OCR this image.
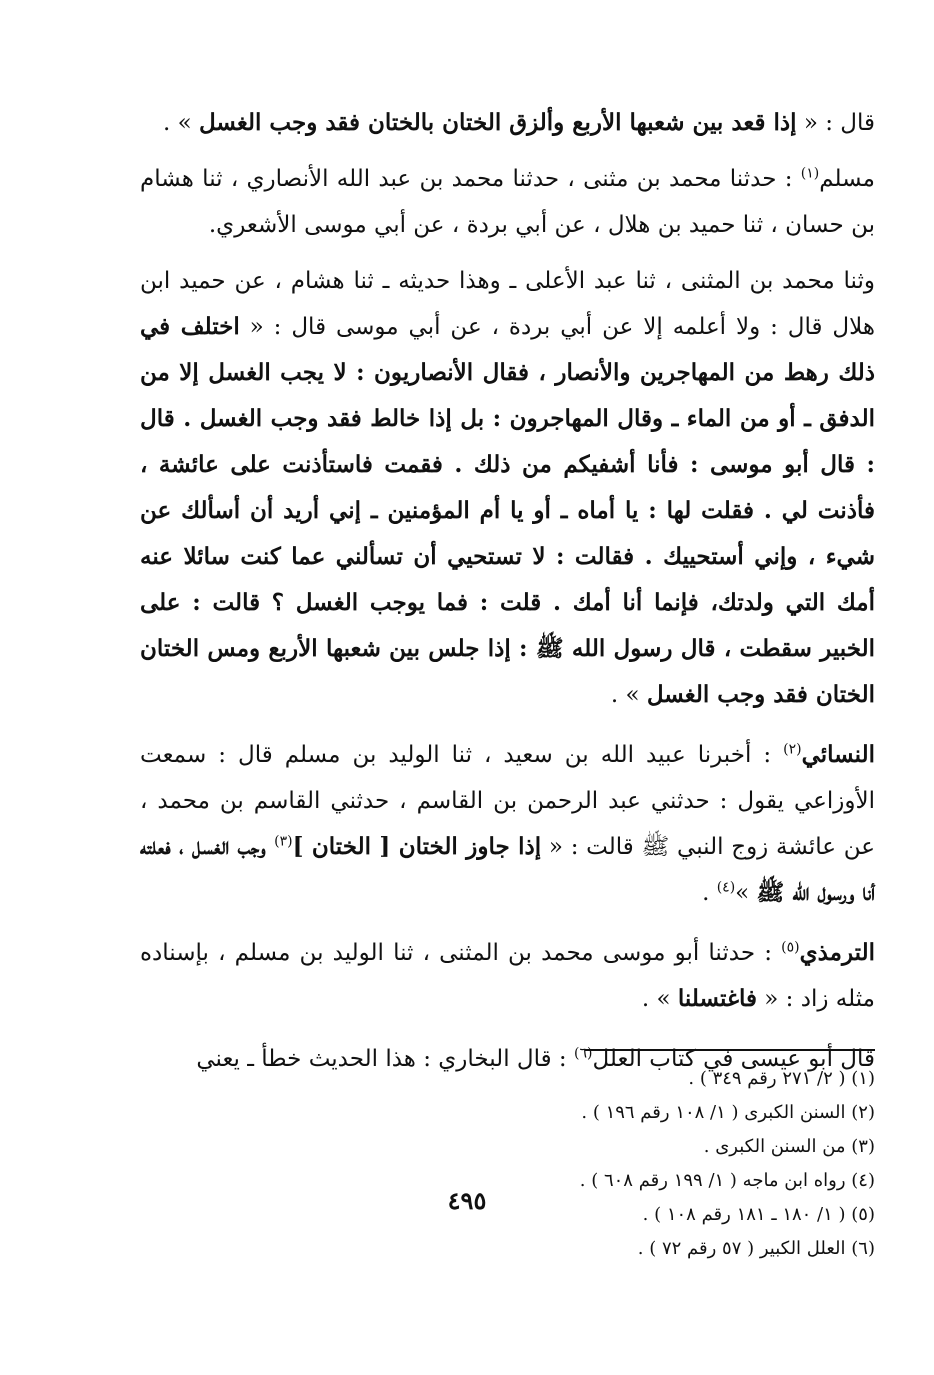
قال : « إذا قعد بين شعبها الأربع وألزق الختان بالختان فقد وجب الغسل » .

مسلم$^{(١)}$ : حدثنا محمد بن مثنى ، حدثنا محمد بن عبد الله الأنصاري ، ثنا هشام بن حسان ، ثنا حميد بن هلال ، عن أبي بردة ، عن أبي موسى الأشعري.

وثنا محمد بن المثنى ، ثنا عبد الأعلى ـ وهذا حديثه ـ ثنا هشام ، عن حميد ابن هلال قال : ولا أعلمه إلا عن أبي بردة ، عن أبي موسى قال : « اختلف في ذلك رهط من المهاجرين والأنصار ، فقال الأنصاريون : لا يجب الغسل إلا من الدفق ـ أو من الماء ـ وقال المهاجرون : بل إذا خالط فقد وجب الغسل . قال : قال أبو موسى : فأنا أشفيكم من ذلك . فقمت فاستأذنت على عائشة ، فأذنت لي . فقلت لها : يا أماه ـ أو يا أم المؤمنين ـ إني أريد أن أسألك عن شيء ، وإني أستحييك . فقالت : لا تستحيي أن تسألني عما كنت سائلا عنه أمك التي ولدتك، فإنما أنا أمك . قلت : فما يوجب الغسل ؟ قالت : على الخبير سقطت ، قال رسول الله ﷺ : إذا جلس بين شعبها الأربع ومس الختان الختان فقد وجب الغسل » .

النسائي$^{(٢)}$ : أخبرنا عبيد الله بن سعيد ، ثنا الوليد بن مسلم قال : سمعت الأوزاعي يقول : حدثني عبد الرحمن بن القاسم ، حدثني القاسم بن محمد ، عن عائشة زوج النبي ﷺ قالت : « إذا جاوز الختان [ الختان ]$^{(٣)}$ وجب الغسل ، فعلته أنا ورسول الله ﷺ »$^{(٤)}$ .

الترمذي$^{(٥)}$ : حدثنا أبو موسى محمد بن المثنى ، ثنا الوليد بن مسلم ، بإسناده مثله زاد : « فاغتسلنا » .

قال أبو عيسى في كتاب العلل$^{(٦)}$ : قال البخاري : هذا الحديث خطأ ـ يعني

(١) ( ٢/ ٢٧١ رقم ٣٤٩ ) .

(٢) السنن الكبرى ( ١/ ١٠٨ رقم ١٩٦ ) .

(٣) من السنن الكبرى .

(٤) رواه ابن ماجه ( ١/ ١٩٩ رقم ٦٠٨ ) .

(٥) ( ١/ ١٨٠ ـ ١٨١ رقم ١٠٨ ) .

(٦) العلل الكبير ( ٥٧ رقم ٧٢ ) .

٤٩٥
